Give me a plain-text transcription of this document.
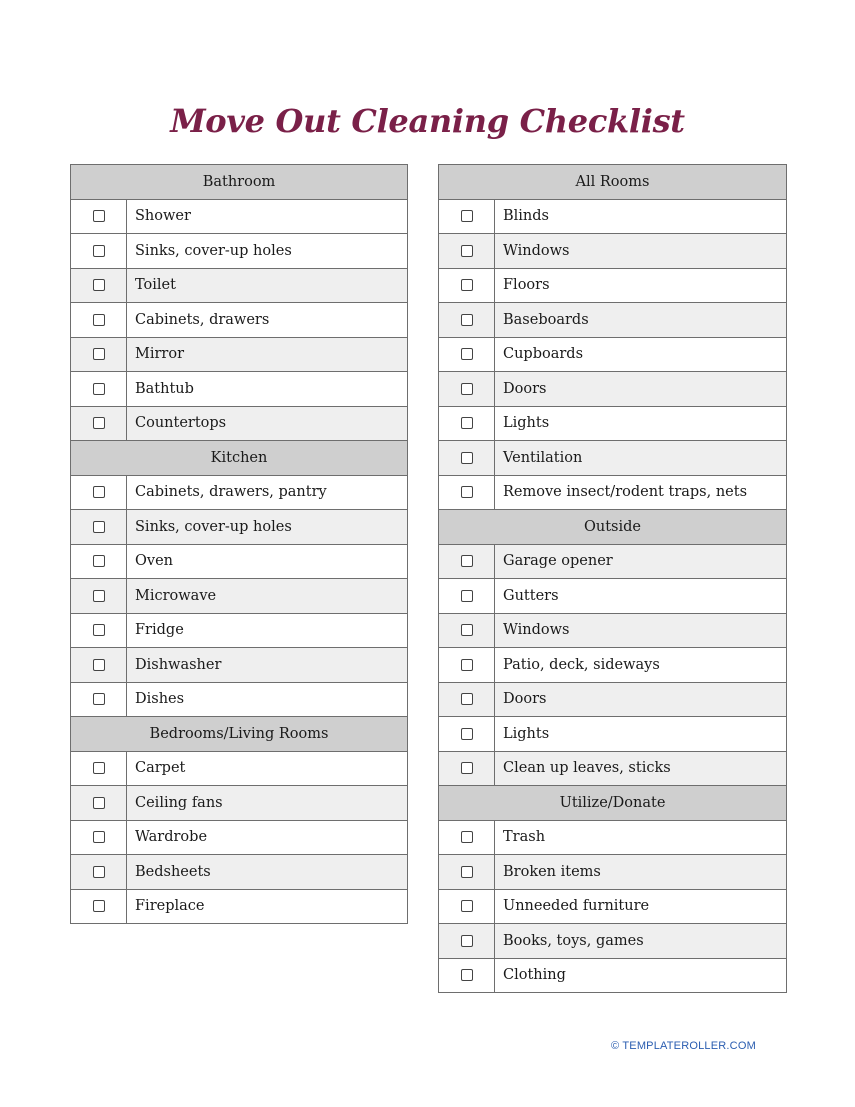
Move Out Cleaning Checklist
Bathroom
Shower
Sinks, cover-up holes
Toilet
Cabinets, drawers
Mirror
Bathtub
Countertops
Kitchen
Cabinets, drawers, pantry
Sinks, cover-up holes
Oven
Microwave
Fridge
Dishwasher
Dishes
Bedrooms/Living Rooms
Carpet
Ceiling fans
Wardrobe
Bedsheets
Fireplace
All Rooms
Blinds
Windows
Floors
Baseboards
Cupboards
Doors
Lights
Ventilation
Remove insect/rodent traps, nets
Outside
Garage opener
Gutters
Windows
Patio, deck, sideways
Doors
Lights
Clean up leaves, sticks
Utilize/Donate
Trash
Broken items
Unneeded furniture
Books, toys, games
Clothing
© TEMPLATEROLLER.COM
